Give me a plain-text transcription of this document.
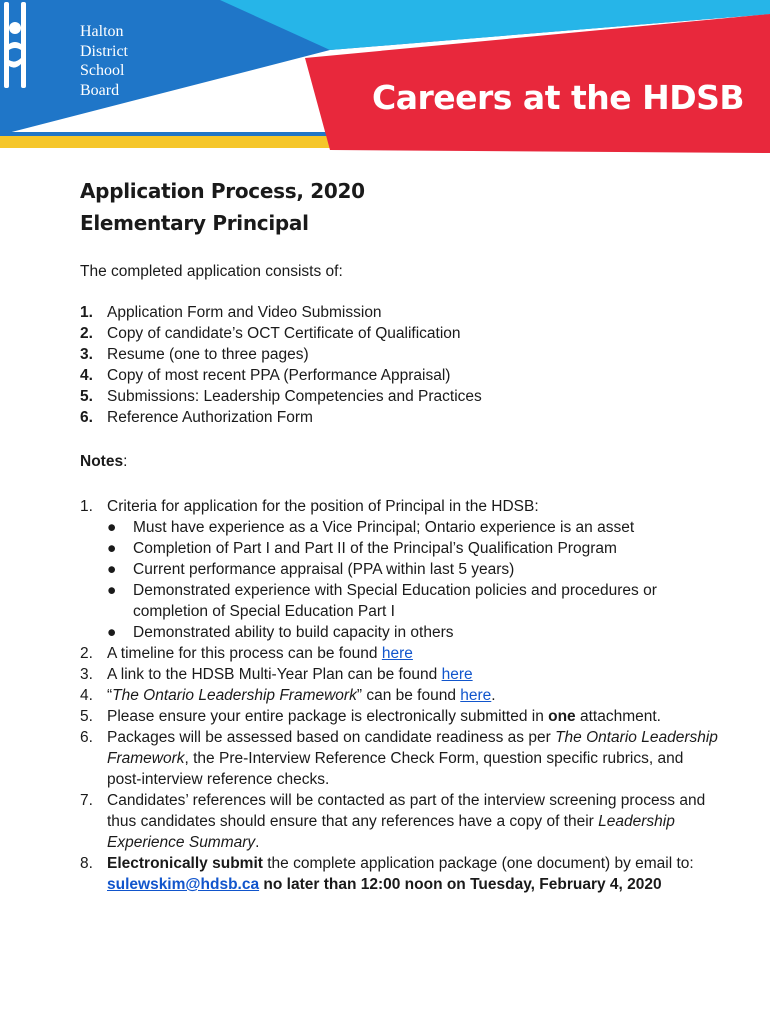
Halton
District
School
Board	Careers at the HDSB
Application Process, 2020
Elementary Principal
The completed application consists of:
1. Application Form and Video Submission
2. Copy of candidate’s OCT Certificate of Qualification
3. Resume (one to three pages)
4. Copy of most recent PPA (Performance Appraisal)
5. Submissions: Leadership Competencies and Practices
6. Reference Authorization Form
Notes:
1. Criteria for application for the position of Principal in the HDSB:
● Must have experience as a Vice Principal; Ontario experience is an asset
● Completion of Part I and Part II of the Principal’s Qualification Program
● Current performance appraisal (PPA within last 5 years)
● Demonstrated experience with Special Education policies and procedures or completion of Special Education Part I
● Demonstrated ability to build capacity in others
2. A timeline for this process can be found here
3. A link to the HDSB Multi-Year Plan can be found here
4. “The Ontario Leadership Framework” can be found here.
5. Please ensure your entire package is electronically submitted in one attachment.
6. Packages will be assessed based on candidate readiness as per The Ontario Leadership Framework, the Pre-Interview Reference Check Form, question specific rubrics, and post-interview reference checks.
7. Candidates’ references will be contacted as part of the interview screening process and thus candidates should ensure that any references have a copy of their Leadership Experience Summary.
8. Electronically submit the complete application package (one document) by email to: sulewskim@hdsb.ca no later than 12:00 noon on Tuesday, February 4, 2020
